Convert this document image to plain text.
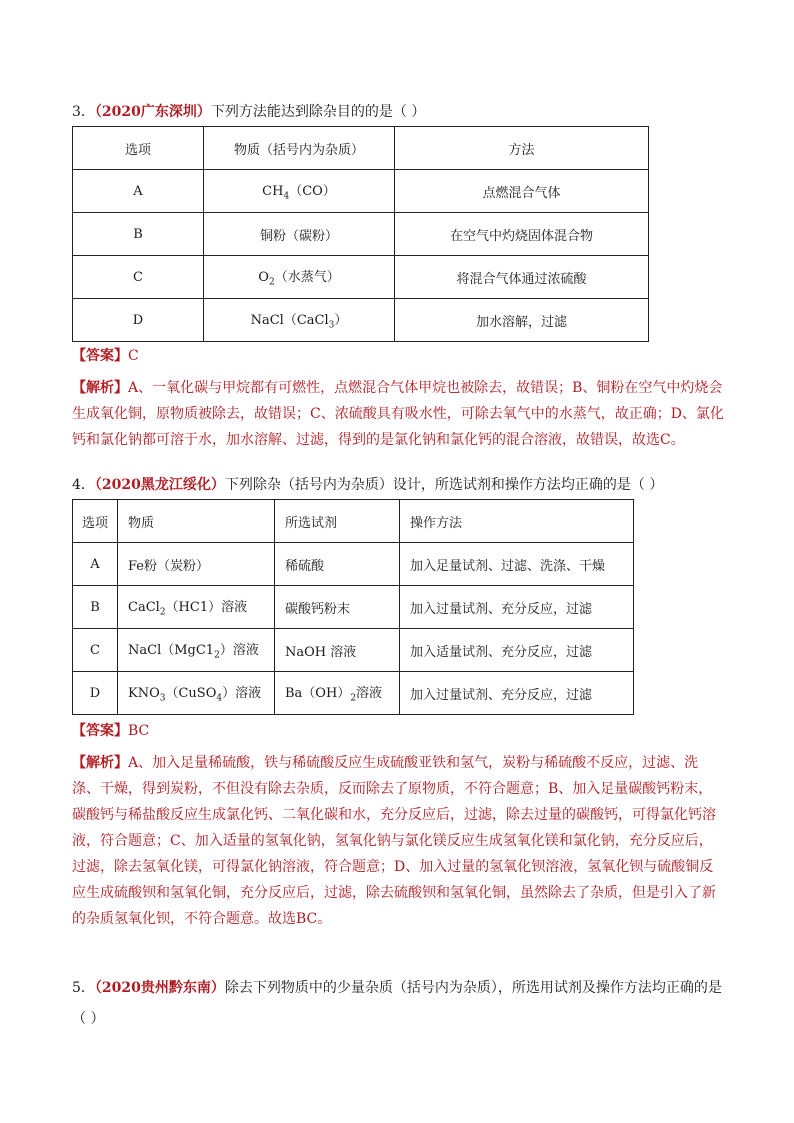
3．（2020广东深圳）下列方法能达到除杂目的的是（ ）
选项	物质（括号内为杂质）	方法
A	$CH_4(CO)$	点燃混合气体
B	铜粉（碳粉）	在空气中灼烧固体混合物
C	$O_2$（水蒸气）	将混合气体通过浓硫酸
D	NaCl（CaCl$_3$）	加水溶解，过滤
【答案】C
【解析】A、一氧化碳与甲烷都有可燃性，点燃混合气体甲烷也被除去，故错误；B、铜粉在空气中灼烧会生成氧化铜，原物质被除去，故错误；C、浓硫酸具有吸水性，可除去氧气中的水蒸气，故正确；D、氯化钙和氯化钠都可溶于水，加水溶解、过滤，得到的是氯化钠和氯化钙的混合溶液，故错误，故选C。
4．（2020黑龙江绥化）下列除杂（括号内为杂质）设计，所选试剂和操作方法均正确的是（ ）
选项	物质	所选试剂	操作方法
A	Fe粉（炭粉）	稀硫酸	加入足量试剂、过滤、洗涤、干燥
B	CaCl$_2$（HC1）溶液	碳酸钙粉末	加入过量试剂、充分反应，过滤
C	$NaCl(MgC1_2)$溶液	NaOH 溶液	加入适量试剂、充分反应，过滤
D	$KNO_3(CuSO_4)$溶液	$Ba(OH)_2$溶液	加入过量试剂、充分反应，过滤
【答案】BC
【解析】A、加入足量稀硫酸，铁与稀硫酸反应生成硫酸亚铁和氢气，炭粉与稀硫酸不反应，过滤、洗涤、干燥，得到炭粉，不但没有除去杂质，反而除去了原物质，不符合题意；B、加入足量碳酸钙粉末，碳酸钙与稀盐酸反应生成氯化钙、二氧化碳和水，充分反应后，过滤，除去过量的碳酸钙，可得氯化钙溶液，符合题意；C、加入适量的氢氧化钠，氢氧化钠与氯化镁反应生成氢氧化镁和氯化钠，充分反应后，过滤，除去氢氧化镁，可得氯化钠溶液，符合题意；D、加入过量的氢氧化钡溶液，氢氧化钡与硫酸铜反应生成硫酸钡和氢氧化铜，充分反应后，过滤，除去硫酸钡和氢氧化铜，虽然除去了杂质，但是引入了新的杂质氢氧化钡，不符合题意。故选BC。
5．（2020贵州黔东南）除去下列物质中的少量杂质（括号内为杂质），所选用试剂及操作方法均正确的是
（ ）
